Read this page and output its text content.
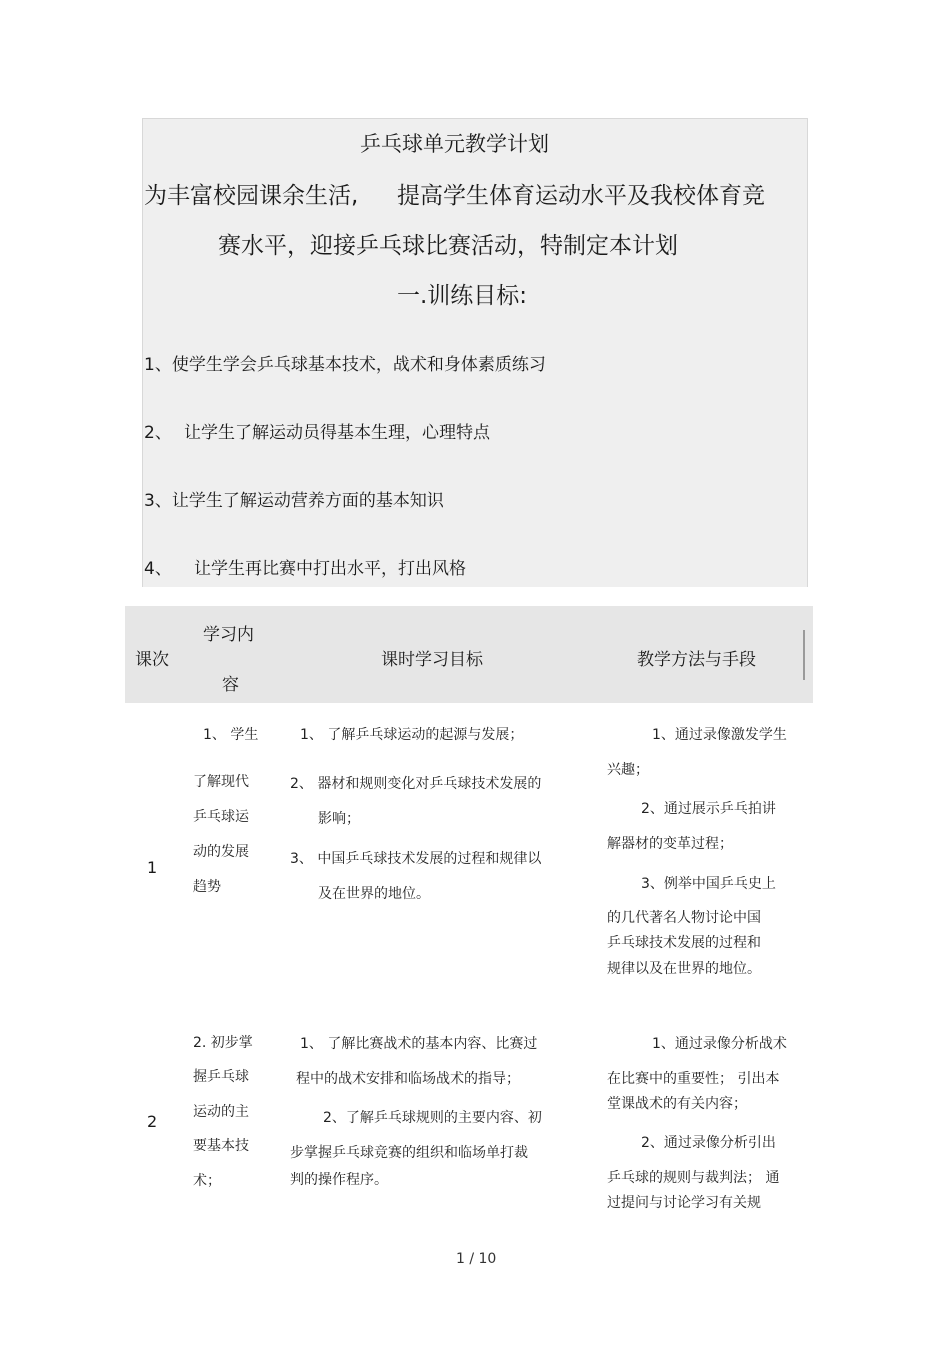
乒乓球单元教学计划
为丰富校园课余生活, 提高学生体育运动水平及我校体育竞
赛水平，迎接乒乓球比赛活动，特制定本计划
一.训练目标:
1、使学生学会乒乓球基本技术，战术和身体素质练习
2、 让学生了解运动员得基本生理，心理特点
3、让学生了解运动营养方面的基本知识
4、 让学生再比赛中打出水平，打出风格
课次
学习内
容
课时学习目标	教学方法与手段
1
1、 学生
了解现代
乒乓球运
动的发展
趋势
1、 了解乒乓球运动的起源与发展；
2、 器材和规则变化对乒乓球技术发展的
影响；
3、 中国乒乓球技术发展的过程和规律以
及在世界的地位。
1、通过录像激发学生
兴趣；
2、通过展示乒乓拍讲
解器材的变革过程；
3、例举中国乒乓史上
的几代著名人物讨论中国
乒乓球技术发展的过程和
规律以及在世界的地位。
2
2. 初步掌
握乒乓球
运动的主
要基本技
术；
1、 了解比赛战术的基本内容、比赛过
程中的战术安排和临场战术的指导；
2、了解乒乓球规则的主要内容、初
步掌握乒乓球竞赛的组织和临场单打裁
判的操作程序。
1、通过录像分析战术
在比赛中的重要性； 引出本
堂课战术的有关内容；
2、通过录像分析引出
乒乓球的规则与裁判法； 通
过提问与讨论学习有关规
1 / 10
